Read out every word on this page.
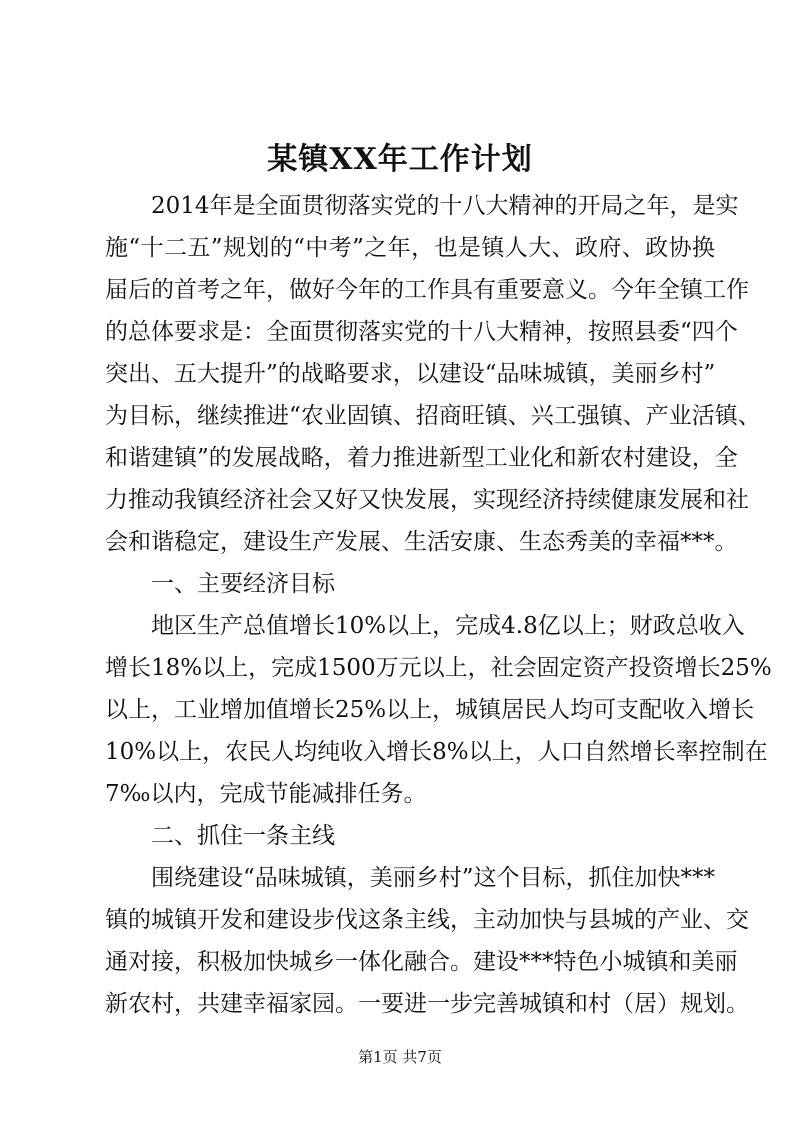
某镇XX年工作计划
2014年是全面贯彻落实党的十八大精神的开局之年，是实
施“十二五”规划的“中考”之年，也是镇人大、政府、政协换
届后的首考之年，做好今年的工作具有重要意义。今年全镇工作
的总体要求是：全面贯彻落实党的十八大精神，按照县委“四个
突出、五大提升”的战略要求，以建设“品味城镇，美丽乡村”
为目标，继续推进“农业固镇、招商旺镇、兴工强镇、产业活镇、
和谐建镇”的发展战略，着力推进新型工业化和新农村建设，全
力推动我镇经济社会又好又快发展，实现经济持续健康发展和社
会和谐稳定，建设生产发展、生活安康、生态秀美的幸福***。
一、主要经济目标
地区生产总值增长10%以上，完成4.8亿以上；财政总收入
增长18%以上，完成1500万元以上，社会固定资产投资增长25%
以上，工业增加值增长25%以上，城镇居民人均可支配收入增长
10%以上，农民人均纯收入增长8%以上，人口自然增长率控制在
7‰以内，完成节能减排任务。
二、抓住一条主线
围绕建设“品味城镇，美丽乡村”这个目标，抓住加快***
镇的城镇开发和建设步伐这条主线，主动加快与县城的产业、交
通对接，积极加快城乡一体化融合。建设***特色小城镇和美丽
新农村，共建幸福家园。一要进一步完善城镇和村（居）规划。
第1页 共7页
